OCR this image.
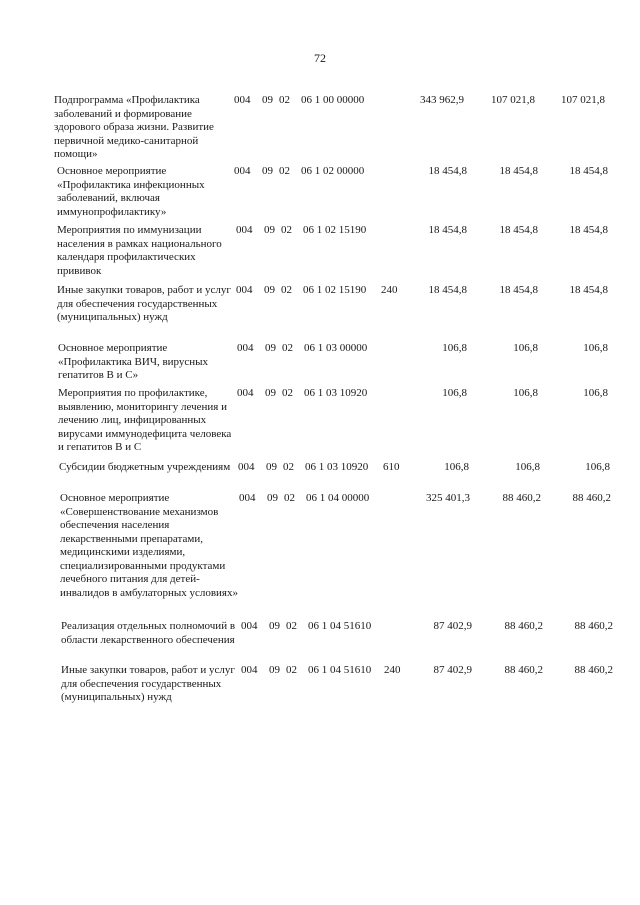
72
Подпрограмма «Профилактика заболеваний и формирование здорового образа жизни. Развитие первичной медико-санитарной помощи»
004 09 02 06 1 00 00000	343 962,9	107 021,8	107 021,8
Основное мероприятие «Профилактика инфекционных заболеваний, включая иммунопрофилактику»
004 09 02 06 1 02 00000	18 454,8	18 454,8	18 454,8
Мероприятия по иммунизации населения в рамках национального календаря профилактических прививок
004 09 02 06 1 02 15190	18 454,8	18 454,8	18 454,8
Иные закупки товаров, работ и услуг для обеспечения государственных (муниципальных) нужд
004 09 02 06 1 02 15190 240	18 454,8	18 454,8	18 454,8
Основное мероприятие «Профилактика ВИЧ, вирусных гепатитов В и С»
004 09 02 06 1 03 00000	106,8	106,8	106,8
Мероприятия по профилактике, выявлению, мониторингу лечения и лечению лиц, инфицированных вирусами иммунодефицита человека и гепатитов В и С
004 09 02 06 1 03 10920	106,8	106,8	106,8
Субсидии бюджетным учреждениям 004 09 02 06 1 03 10920 610	106,8	106,8	106,8
Основное мероприятие «Совершенствование механизмов обеспечения населения лекарственными препаратами, медицинскими изделиями, специализированными продуктами лечебного питания для детей-инвалидов в амбулаторных условиях»
004 09 02 06 1 04 00000	325 401,3	88 460,2	88 460,2
Реализация отдельных полномочий в области лекарственного обеспечения
004 09 02 06 1 04 51610	87 402,9	88 460,2	88 460,2
Иные закупки товаров, работ и услуг для обеспечения государственных (муниципальных) нужд
004 09 02 06 1 04 51610 240	87 402,9	88 460,2	88 460,2
